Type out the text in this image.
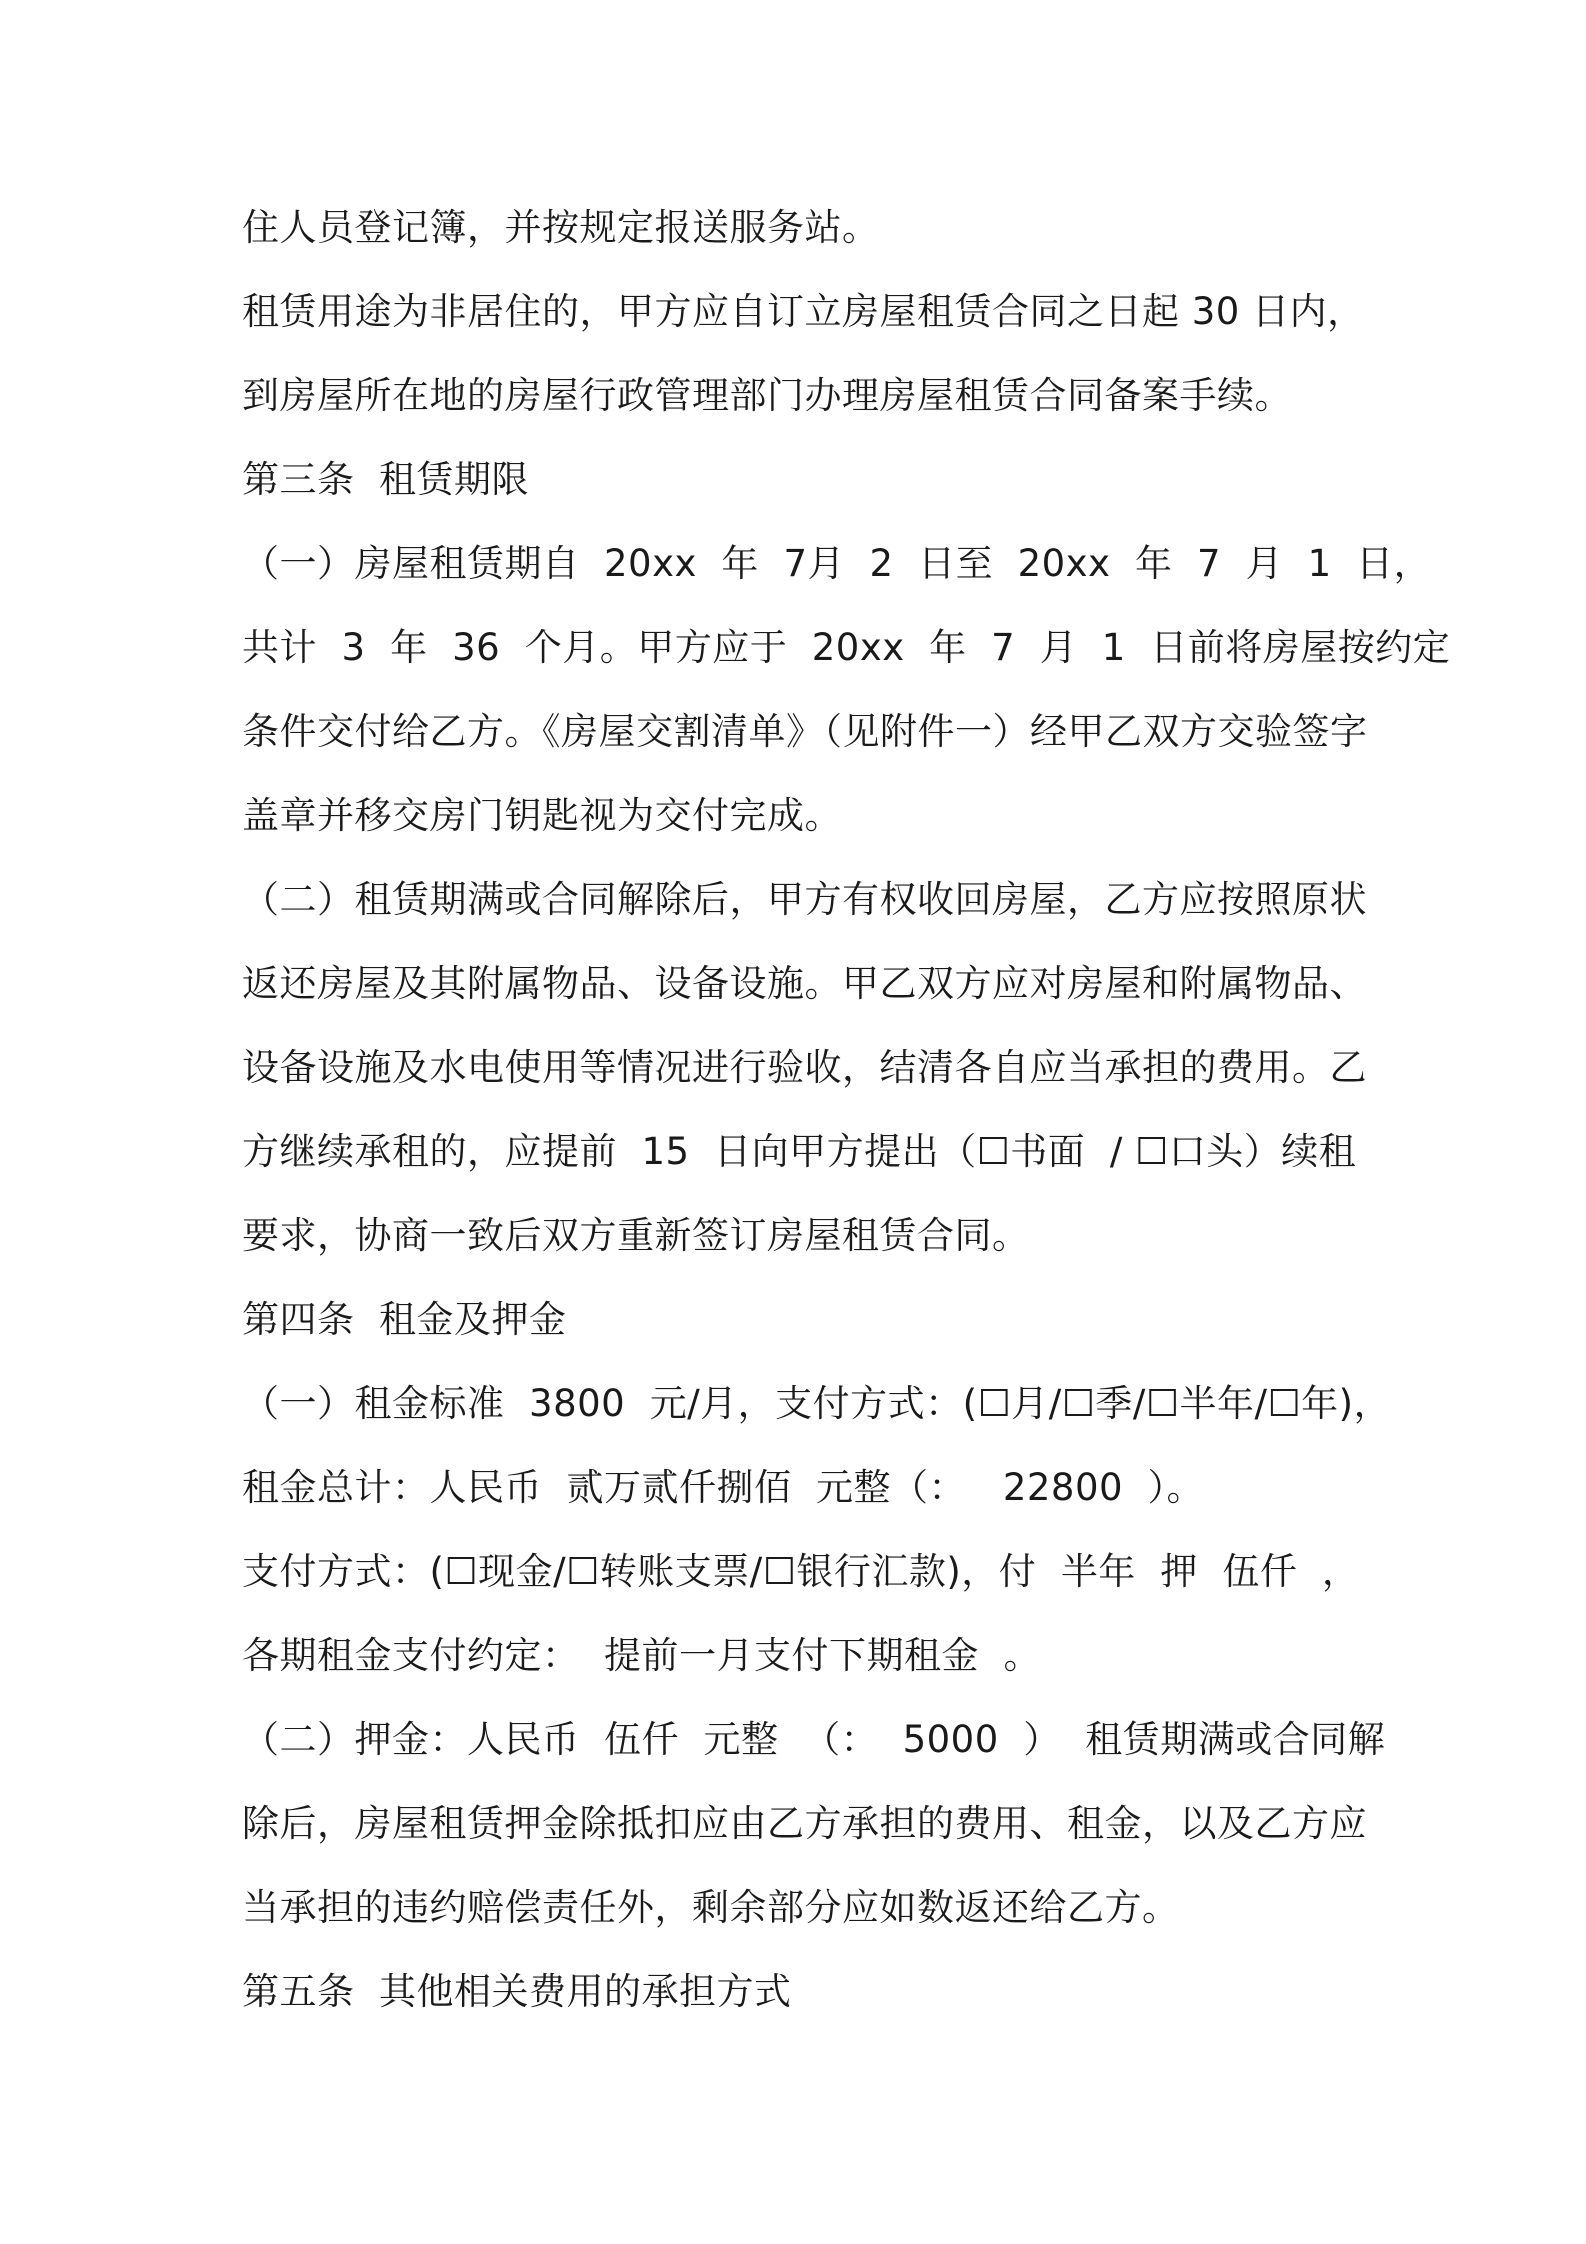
住人员登记簿，并按规定报送服务站。
租赁用途为非居住的，甲方应自订立房屋租赁合同之日起 30 日内，
到房屋所在地的房屋行政管理部门办理房屋租赁合同备案手续。
第三条  租赁期限
（一）房屋租赁期自  20xx  年  7月  2  日至  20xx  年  7  月  1  日，
共计  3  年  36  个月。甲方应于  20xx  年  7  月  1  日前将房屋按约定
条件交付给乙方。《房屋交割清单》（见附件一）经甲乙双方交验签字
盖章并移交房门钥匙视为交付完成。
（二）租赁期满或合同解除后，甲方有权收回房屋，乙方应按照原状
返还房屋及其附属物品、设备设施。甲乙双方应对房屋和附属物品、
设备设施及水电使用等情况进行验收，结清各自应当承担的费用。乙
方继续承租的，应提前  15  日向甲方提出（☐书面  / ☐口头）续租
要求，协商一致后双方重新签订房屋租赁合同。
第四条  租金及押金
（一）租金标准  3800  元/月，支付方式：(☐月/☐季/☐半年/☐年)，
租金总计：人民币  贰万贰仟捌佰  元整（：   22800  ）。
支付方式：(☐现金/☐转账支票/☐银行汇款)，付  半年  押  伍仟  ，
各期租金支付约定：  提前一月支付下期租金  。
（二）押金：人民币  伍仟  元整  （：  5000  ）  租赁期满或合同解
除后，房屋租赁押金除抵扣应由乙方承担的费用、租金，以及乙方应
当承担的违约赔偿责任外，剩余部分应如数返还给乙方。
第五条  其他相关费用的承担方式
